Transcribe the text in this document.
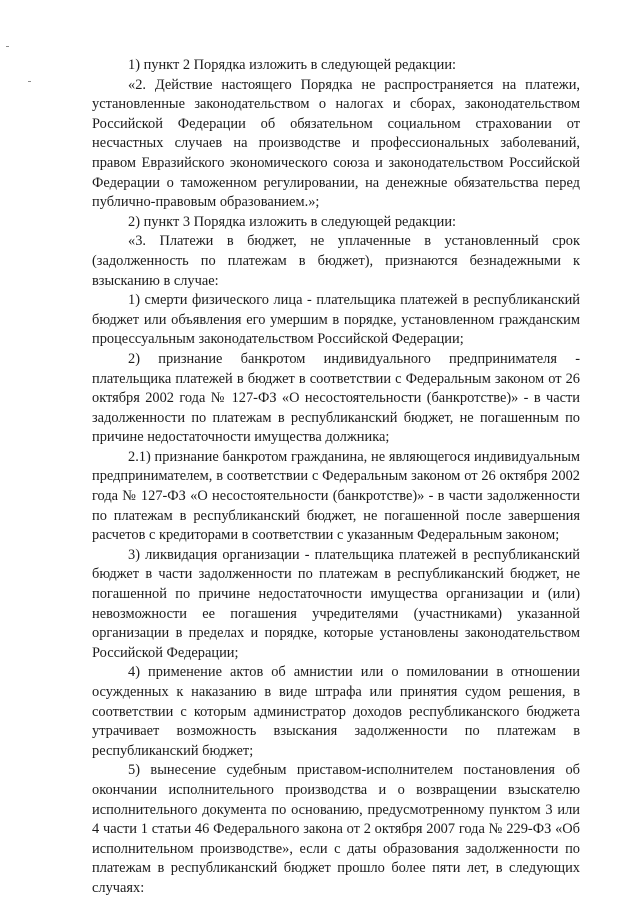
1) пункт 2 Порядка изложить в следующей редакции:

«2. Действие настоящего Порядка не распространяется на платежи, установленные законодательством о налогах и сборах, законодательством Российской Федерации об обязательном социальном страховании от несчастных случаев на производстве и профессиональных заболеваний, правом Евразийского экономического союза и законодательством Российской Федерации о таможенном регулировании, на денежные обязательства перед публично-правовым образованием.»;

2) пункт 3 Порядка изложить в следующей редакции:

«3. Платежи в бюджет, не уплаченные в установленный срок (задолженность по платежам в бюджет), признаются безнадежными к взысканию в случае:

1) смерти физического лица - плательщика платежей в республиканский бюджет или объявления его умершим в порядке, установленном гражданским процессуальным законодательством Российской Федерации;

2) признание банкротом индивидуального предпринимателя - плательщика платежей в бюджет в соответствии с Федеральным законом от 26 октября 2002 года № 127-ФЗ «О несостоятельности (банкротстве)» - в части задолженности по платежам в республиканский бюджет, не погашенным по причине недостаточности имущества должника;

2.1) признание банкротом гражданина, не являющегося индивидуальным предпринимателем, в соответствии с Федеральным законом от 26 октября 2002 года № 127-ФЗ «О несостоятельности (банкротстве)» - в части задолженности по платежам в республиканский бюджет, не погашенной после завершения расчетов с кредиторами в соответствии с указанным Федеральным законом;

3) ликвидация организации - плательщика платежей в республиканский бюджет в части задолженности по платежам в республиканский бюджет, не погашенной по причине недостаточности имущества организации и (или) невозможности ее погашения учредителями (участниками) указанной организации в пределах и порядке, которые установлены законодательством Российской Федерации;

4) применение актов об амнистии или о помиловании в отношении осужденных к наказанию в виде штрафа или принятия судом решения, в соответствии с которым администратор доходов республиканского бюджета утрачивает возможность взыскания задолженности по платежам в республиканский бюджет;

5) вынесение судебным приставом-исполнителем постановления об окончании исполнительного производства и о возвращении взыскателю исполнительного документа по основанию, предусмотренному пунктом 3 или 4 части 1 статьи 46 Федерального закона от 2 октября 2007 года № 229-ФЗ «Об исполнительном производстве», если с даты образования задолженности по платежам в республиканский бюджет прошло более пяти лет, в следующих случаях:
